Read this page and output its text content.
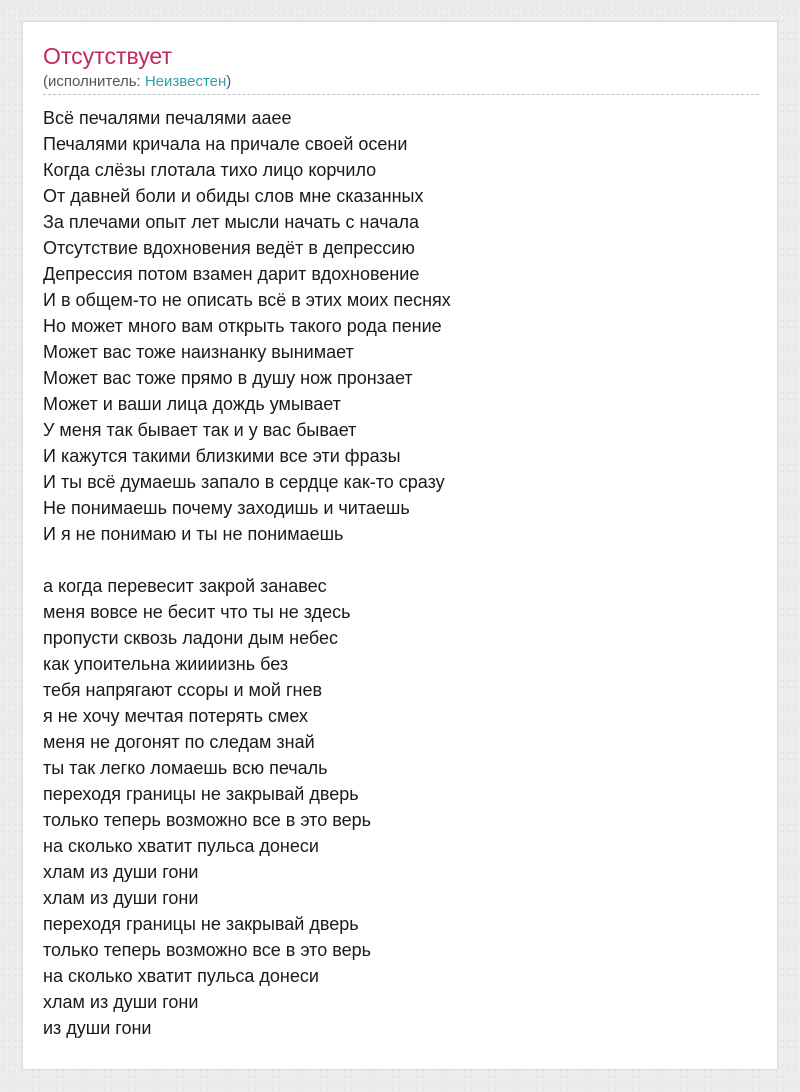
Отсутствует
(исполнитель: Неизвестен)
Всё печалями печалями aaee
Печалями кричала на причале своей осени
Когда слёзы глотала тихо лицо корчило
От давней боли и обиды слов мне сказанных
За плечами опыт лет мысли начать с начала
Отсутствие вдохновения ведёт в депрессию
Депрессия потом взамен дарит вдохновение
И в общем-то не описать всё в этих моих песнях
Но может много вам открыть такого рода пение
Может вас тоже наизнанку вынимает
Может вас тоже прямо в душу нож пронзает
Может и ваши лица дождь умывает
У меня так бывает так и у вас бывает
И кажутся такими близкими все эти фразы
И ты всё думаешь запало в сердце как-то сразу
Не понимаешь почему заходишь и читаешь
И я не понимаю и ты не понимаешь
а когда перевесит закрой занавес
меня вовсе не бесит что ты не здесь
пропусти сквозь ладони дым небес
как упоительна жиииизнь без
тебя напрягают ссоры и мой гнев
я не хочу мечтая потерять смех
меня не догонят по следам знай
ты так легко ломаешь всю печаль
переходя границы не закрывай дверь
только теперь возможно все в это верь
на сколько хватит пульса донеси
хлам из души гони
хлам из души гони
переходя границы не закрывай дверь
только теперь возможно все в это верь
на сколько хватит пульса донеси
хлам из души гони
из души гони
